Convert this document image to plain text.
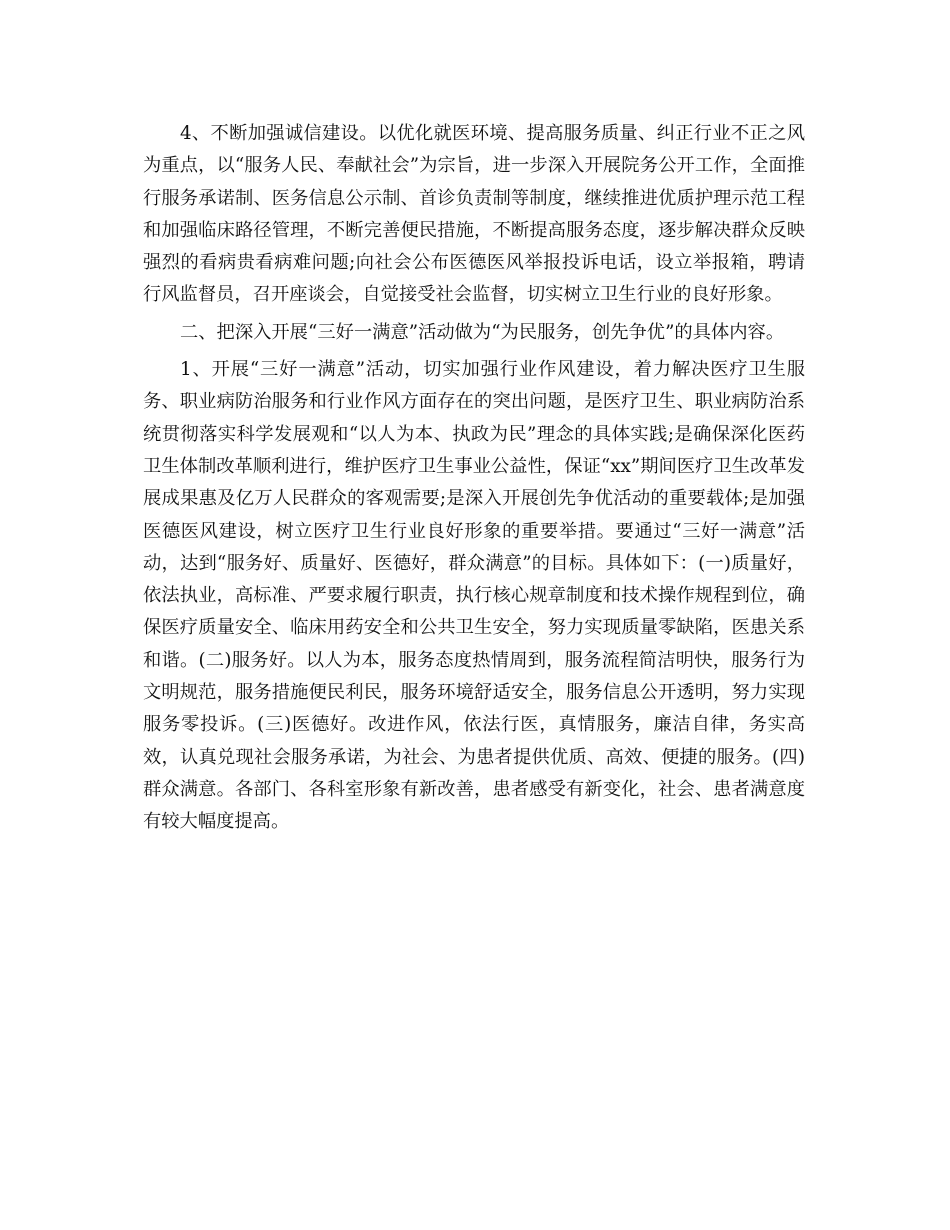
4、不断加强诚信建设。以优化就医环境、提高服务质量、纠正行业不正之风为重点，以“服务人民、奉献社会”为宗旨，进一步深入开展院务公开工作，全面推行服务承诺制、医务信息公示制、首诊负责制等制度，继续推进优质护理示范工程和加强临床路径管理，不断完善便民措施，不断提高服务态度，逐步解决群众反映强烈的看病贵看病难问题;向社会公布医德医风举报投诉电话，设立举报箱，聘请行风监督员，召开座谈会，自觉接受社会监督，切实树立卫生行业的良好形象。

二、把深入开展“三好一满意”活动做为“为民服务，创先争优”的具体内容。

1、开展“三好一满意”活动，切实加强行业作风建设，着力解决医疗卫生服务、职业病防治服务和行业作风方面存在的突出问题，是医疗卫生、职业病防治系统贯彻落实科学发展观和“以人为本、执政为民”理念的具体实践;是确保深化医药卫生体制改革顺利进行，维护医疗卫生事业公益性，保证“xx”期间医疗卫生改革发展成果惠及亿万人民群众的客观需要;是深入开展创先争优活动的重要载体;是加强医德医风建设，树立医疗卫生行业良好形象的重要举措。要通过“三好一满意”活动，达到“服务好、质量好、医德好，群众满意”的目标。具体如下：(一)质量好，依法执业，高标准、严要求履行职责，执行核心规章制度和技术操作规程到位，确保医疗质量安全、临床用药安全和公共卫生安全，努力实现质量零缺陷，医患关系和谐。(二)服务好。以人为本，服务态度热情周到，服务流程简洁明快，服务行为文明规范，服务措施便民利民，服务环境舒适安全，服务信息公开透明，努力实现服务零投诉。(三)医德好。改进作风，依法行医，真情服务，廉洁自律，务实高效，认真兑现社会服务承诺，为社会、为患者提供优质、高效、便捷的服务。(四)群众满意。各部门、各科室形象有新改善，患者感受有新变化，社会、患者满意度有较大幅度提高。
